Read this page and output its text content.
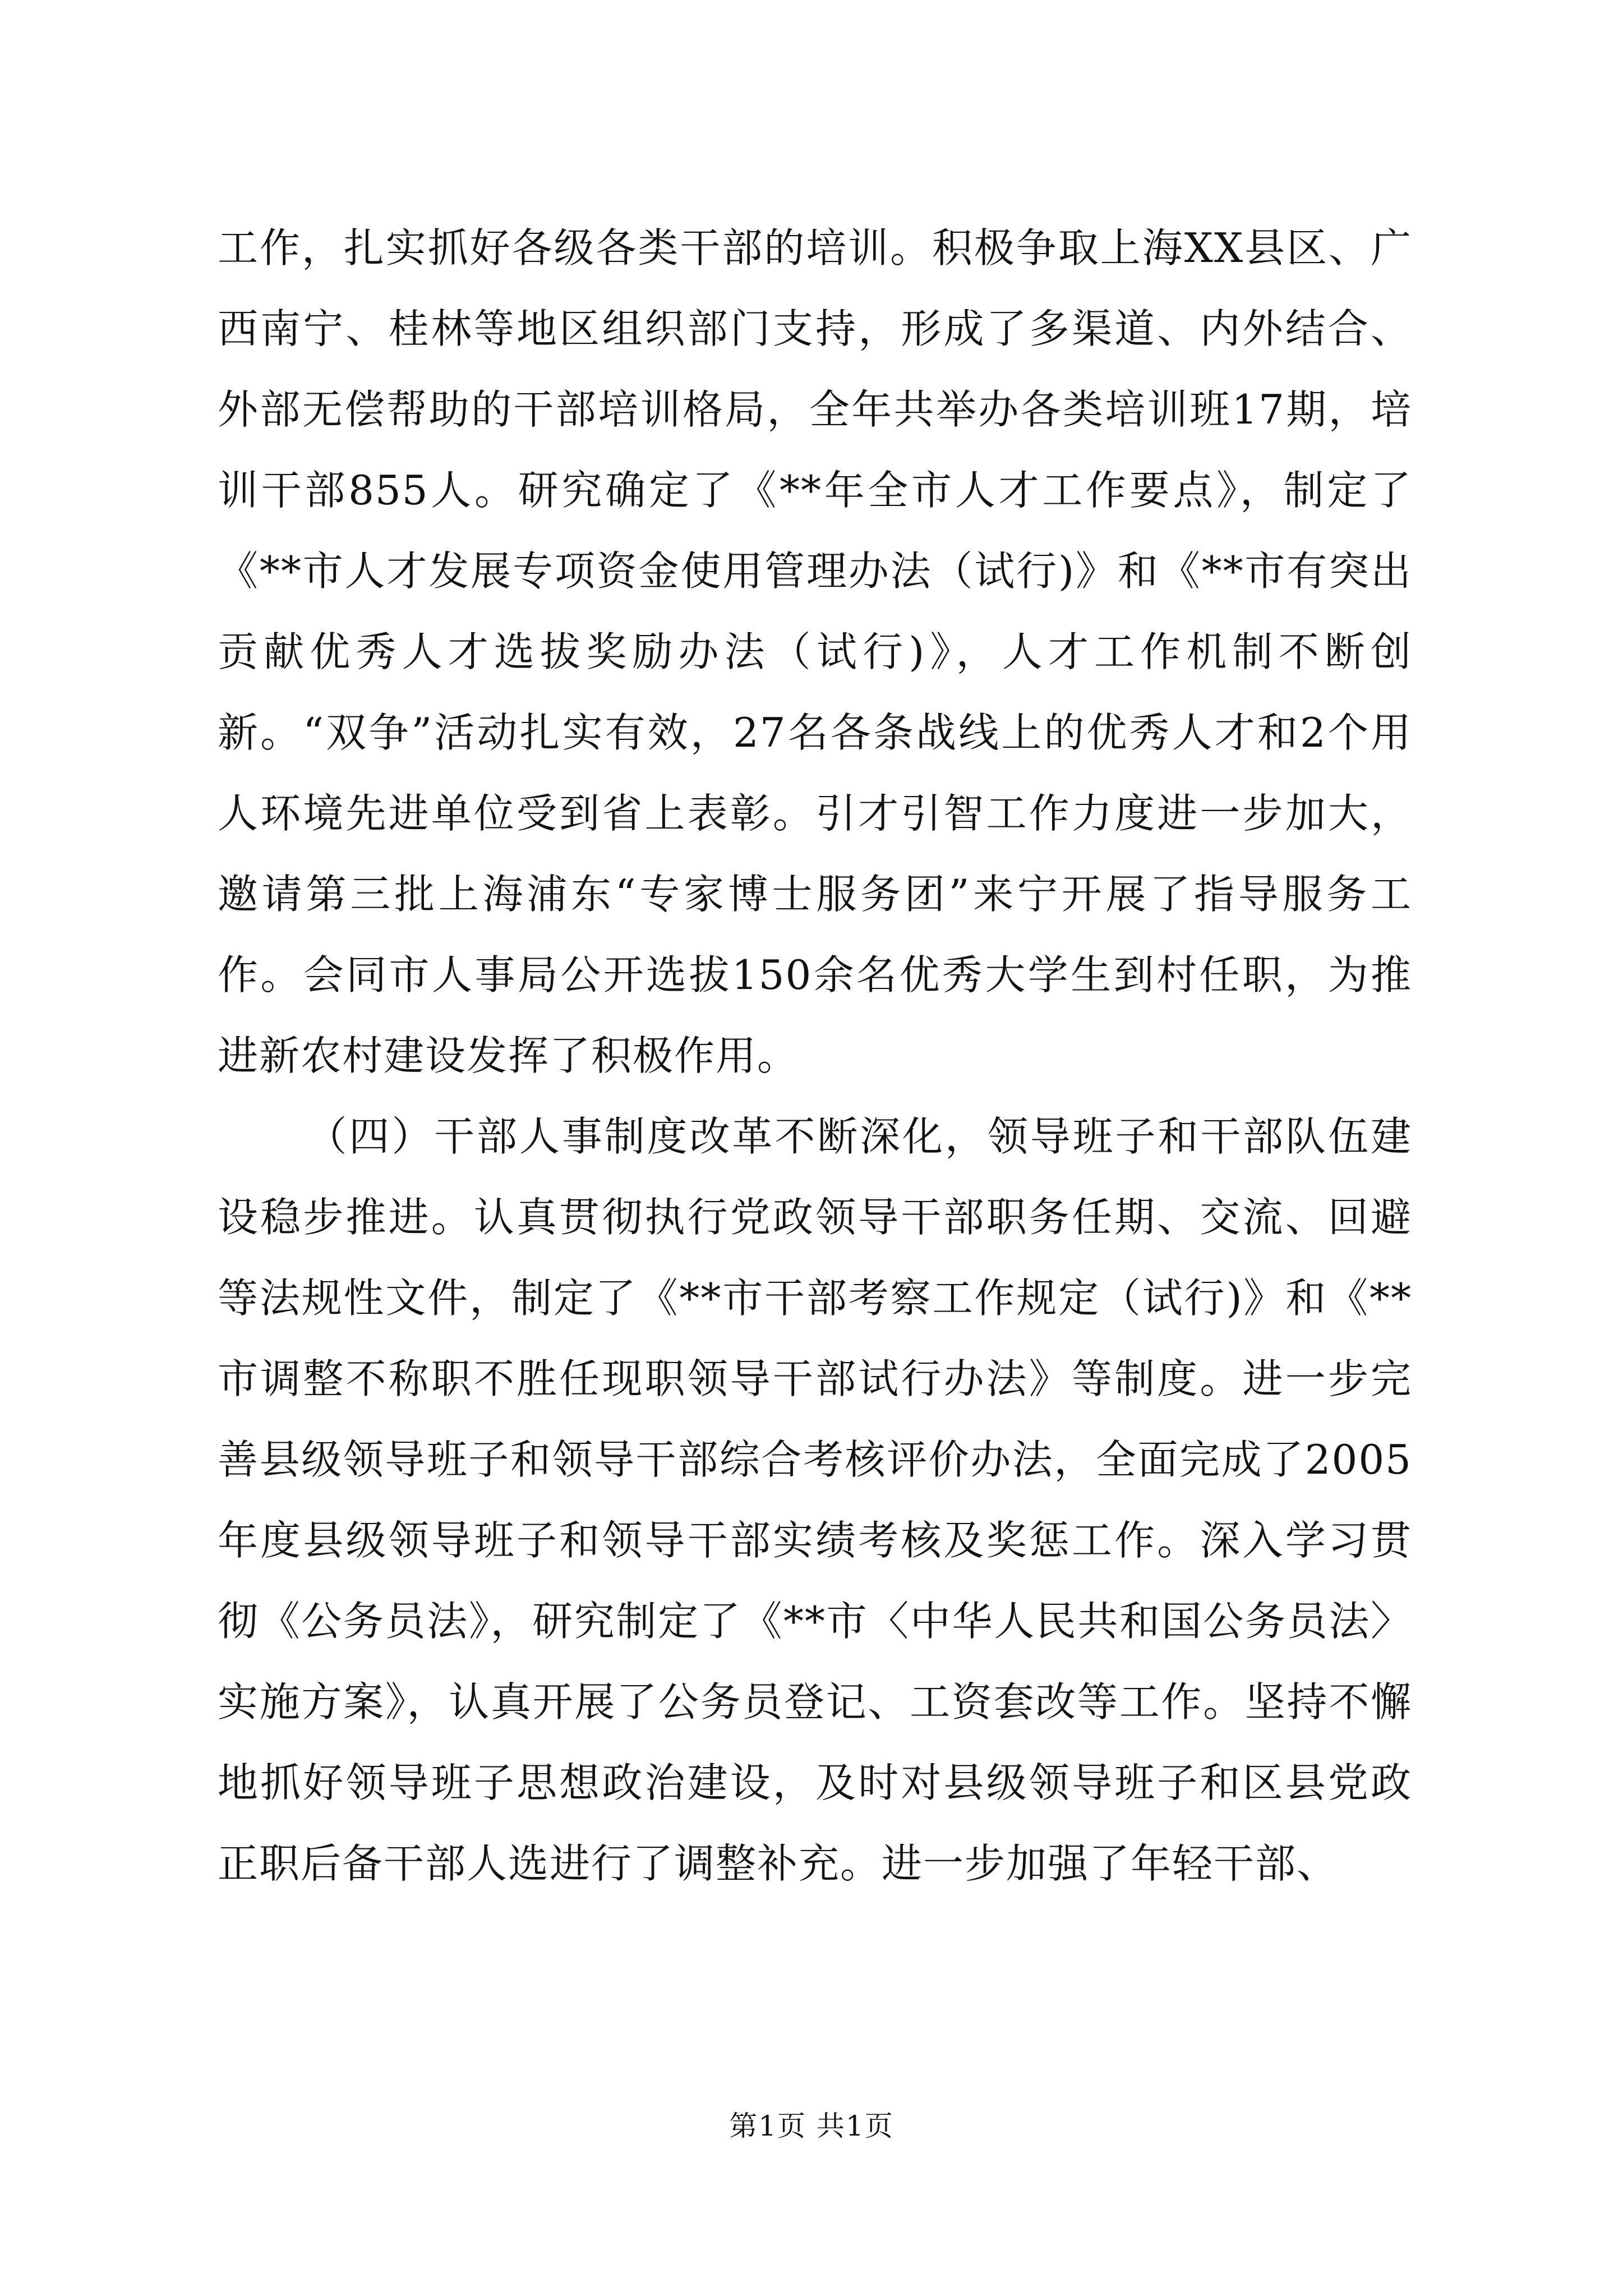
工作，扎实抓好各级各类干部的培训。积极争取上海XX县区、广西南宁、桂林等地区组织部门支持，形成了多渠道、内外结合、外部无偿帮助的干部培训格局，全年共举办各类培训班17期，培训干部855人。研究确定了《**年全市人才工作要点》，制定了《**市人才发展专项资金使用管理办法（试行)》和《**市有突出贡献优秀人才选拔奖励办法（试行)》，人才工作机制不断创新。“双争”活动扎实有效，27名各条战线上的优秀人才和2个用人环境先进单位受到省上表彰。引才引智工作力度进一步加大，邀请第三批上海浦东“专家博士服务团”来宁开展了指导服务工作。会同市人事局公开选拔150余名优秀大学生到村任职，为推进新农村建设发挥了积极作用。

（四）干部人事制度改革不断深化，领导班子和干部队伍建设稳步推进。认真贯彻执行党政领导干部职务任期、交流、回避等法规性文件，制定了《**市干部考察工作规定（试行)》和《**市调整不称职不胜任现职领导干部试行办法》等制度。进一步完善县级领导班子和领导干部综合考核评价办法，全面完成了2005年度县级领导班子和领导干部实绩考核及奖惩工作。深入学习贯彻《公务员法》，研究制定了《**市〈中华人民共和国公务员法〉实施方案》，认真开展了公务员登记、工资套改等工作。坚持不懈地抓好领导班子思想政治建设，及时对县级领导班子和区县党政正职后备干部人选进行了调整补充。进一步加强了年轻干部、

第1页 共1页
